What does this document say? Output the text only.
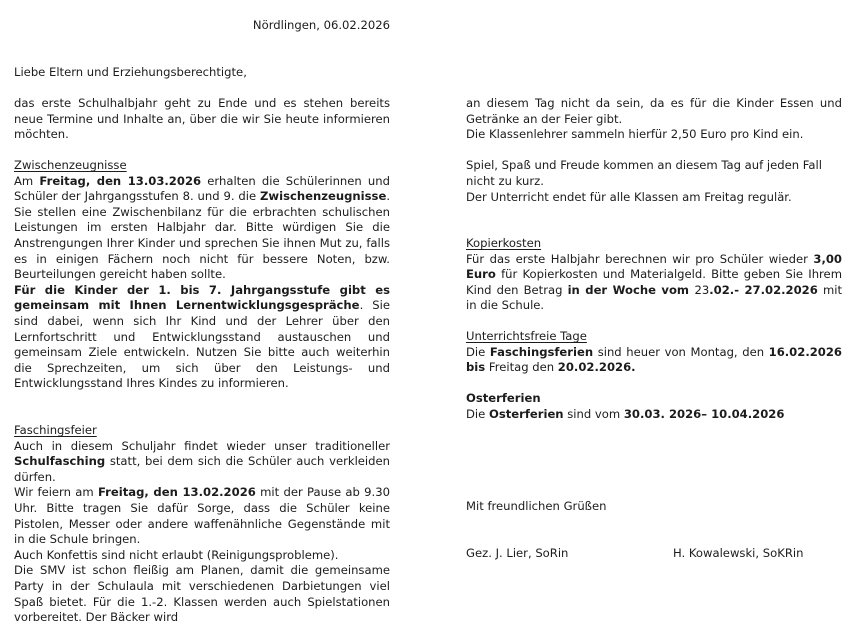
Nördlingen, 06.02.2026

Liebe Eltern und Erziehungsberechtigte,

das erste Schulhalbjahr geht zu Ende und es stehen bereits neue Termine und Inhalte an, über die wir Sie heute informieren möchten.

Zwischenzeugnisse

Am Freitag, den 13.03.2026 erhalten die Schülerinnen und Schüler der Jahrgangsstufen 8. und 9. die Zwischenzeugnisse. Sie stellen eine Zwischenbilanz für die erbrachten schulischen Leistungen im ersten Halbjahr dar. Bitte würdigen Sie die Anstrengungen Ihrer Kinder und sprechen Sie ihnen Mut zu, falls es in einigen Fächern noch nicht für bessere Noten, bzw. Beurteilungen gereicht haben sollte.

Für die Kinder der 1. bis 7. Jahrgangsstufe gibt es gemeinsam mit Ihnen Lernentwicklungsgespräche. Sie sind dabei, wenn sich Ihr Kind und der Lehrer über den Lernfortschritt und Entwicklungsstand austauschen und gemeinsam Ziele entwickeln. Nutzen Sie bitte auch weiterhin die Sprechzeiten, um sich über den Leistungs- und Entwicklungsstand Ihres Kindes zu informieren.

Faschingsfeier

Auch in diesem Schuljahr findet wieder unser traditioneller Schulfasching statt, bei dem sich die Schüler auch verkleiden dürfen.

Wir feiern am Freitag, den 13.02.2026 mit der Pause ab 9.30 Uhr. Bitte tragen Sie dafür Sorge, dass die Schüler keine Pistolen, Messer oder andere waffenähnliche Gegenstände mit in die Schule bringen.

Auch Konfettis sind nicht erlaubt (Reinigungsprobleme).

Die SMV ist schon fleißig am Planen, damit die gemeinsame Party in der Schulaula mit verschiedenen Darbietungen viel Spaß bietet. Für die 1.-2. Klassen werden auch Spielstationen vorbereitet. Der Bäcker wird

an diesem Tag nicht da sein, da es für die Kinder Essen und Getränke an der Feier gibt.

Die Klassenlehrer sammeln hierfür 2,50 Euro pro Kind ein.

Spiel, Spaß und Freude kommen an diesem Tag auf jeden Fall nicht zu kurz.

Der Unterricht endet für alle Klassen am Freitag regulär.

Kopierkosten

Für das erste Halbjahr berechnen wir pro Schüler wieder 3,00 Euro für Kopierkosten und Materialgeld. Bitte geben Sie Ihrem Kind den Betrag in der Woche vom 23.02.- 27.02.2026 mit in die Schule.

Unterrichtsfreie Tage

Die Faschingsferien sind heuer von Montag, den 16.02.2026 bis Freitag den 20.02.2026.

Osterferien

Die Osterferien sind vom 30.03. 2026– 10.04.2026

Mit freundlichen Grüßen

Gez. J. Lier, SoRin	H. Kowalewski, SoKRin
